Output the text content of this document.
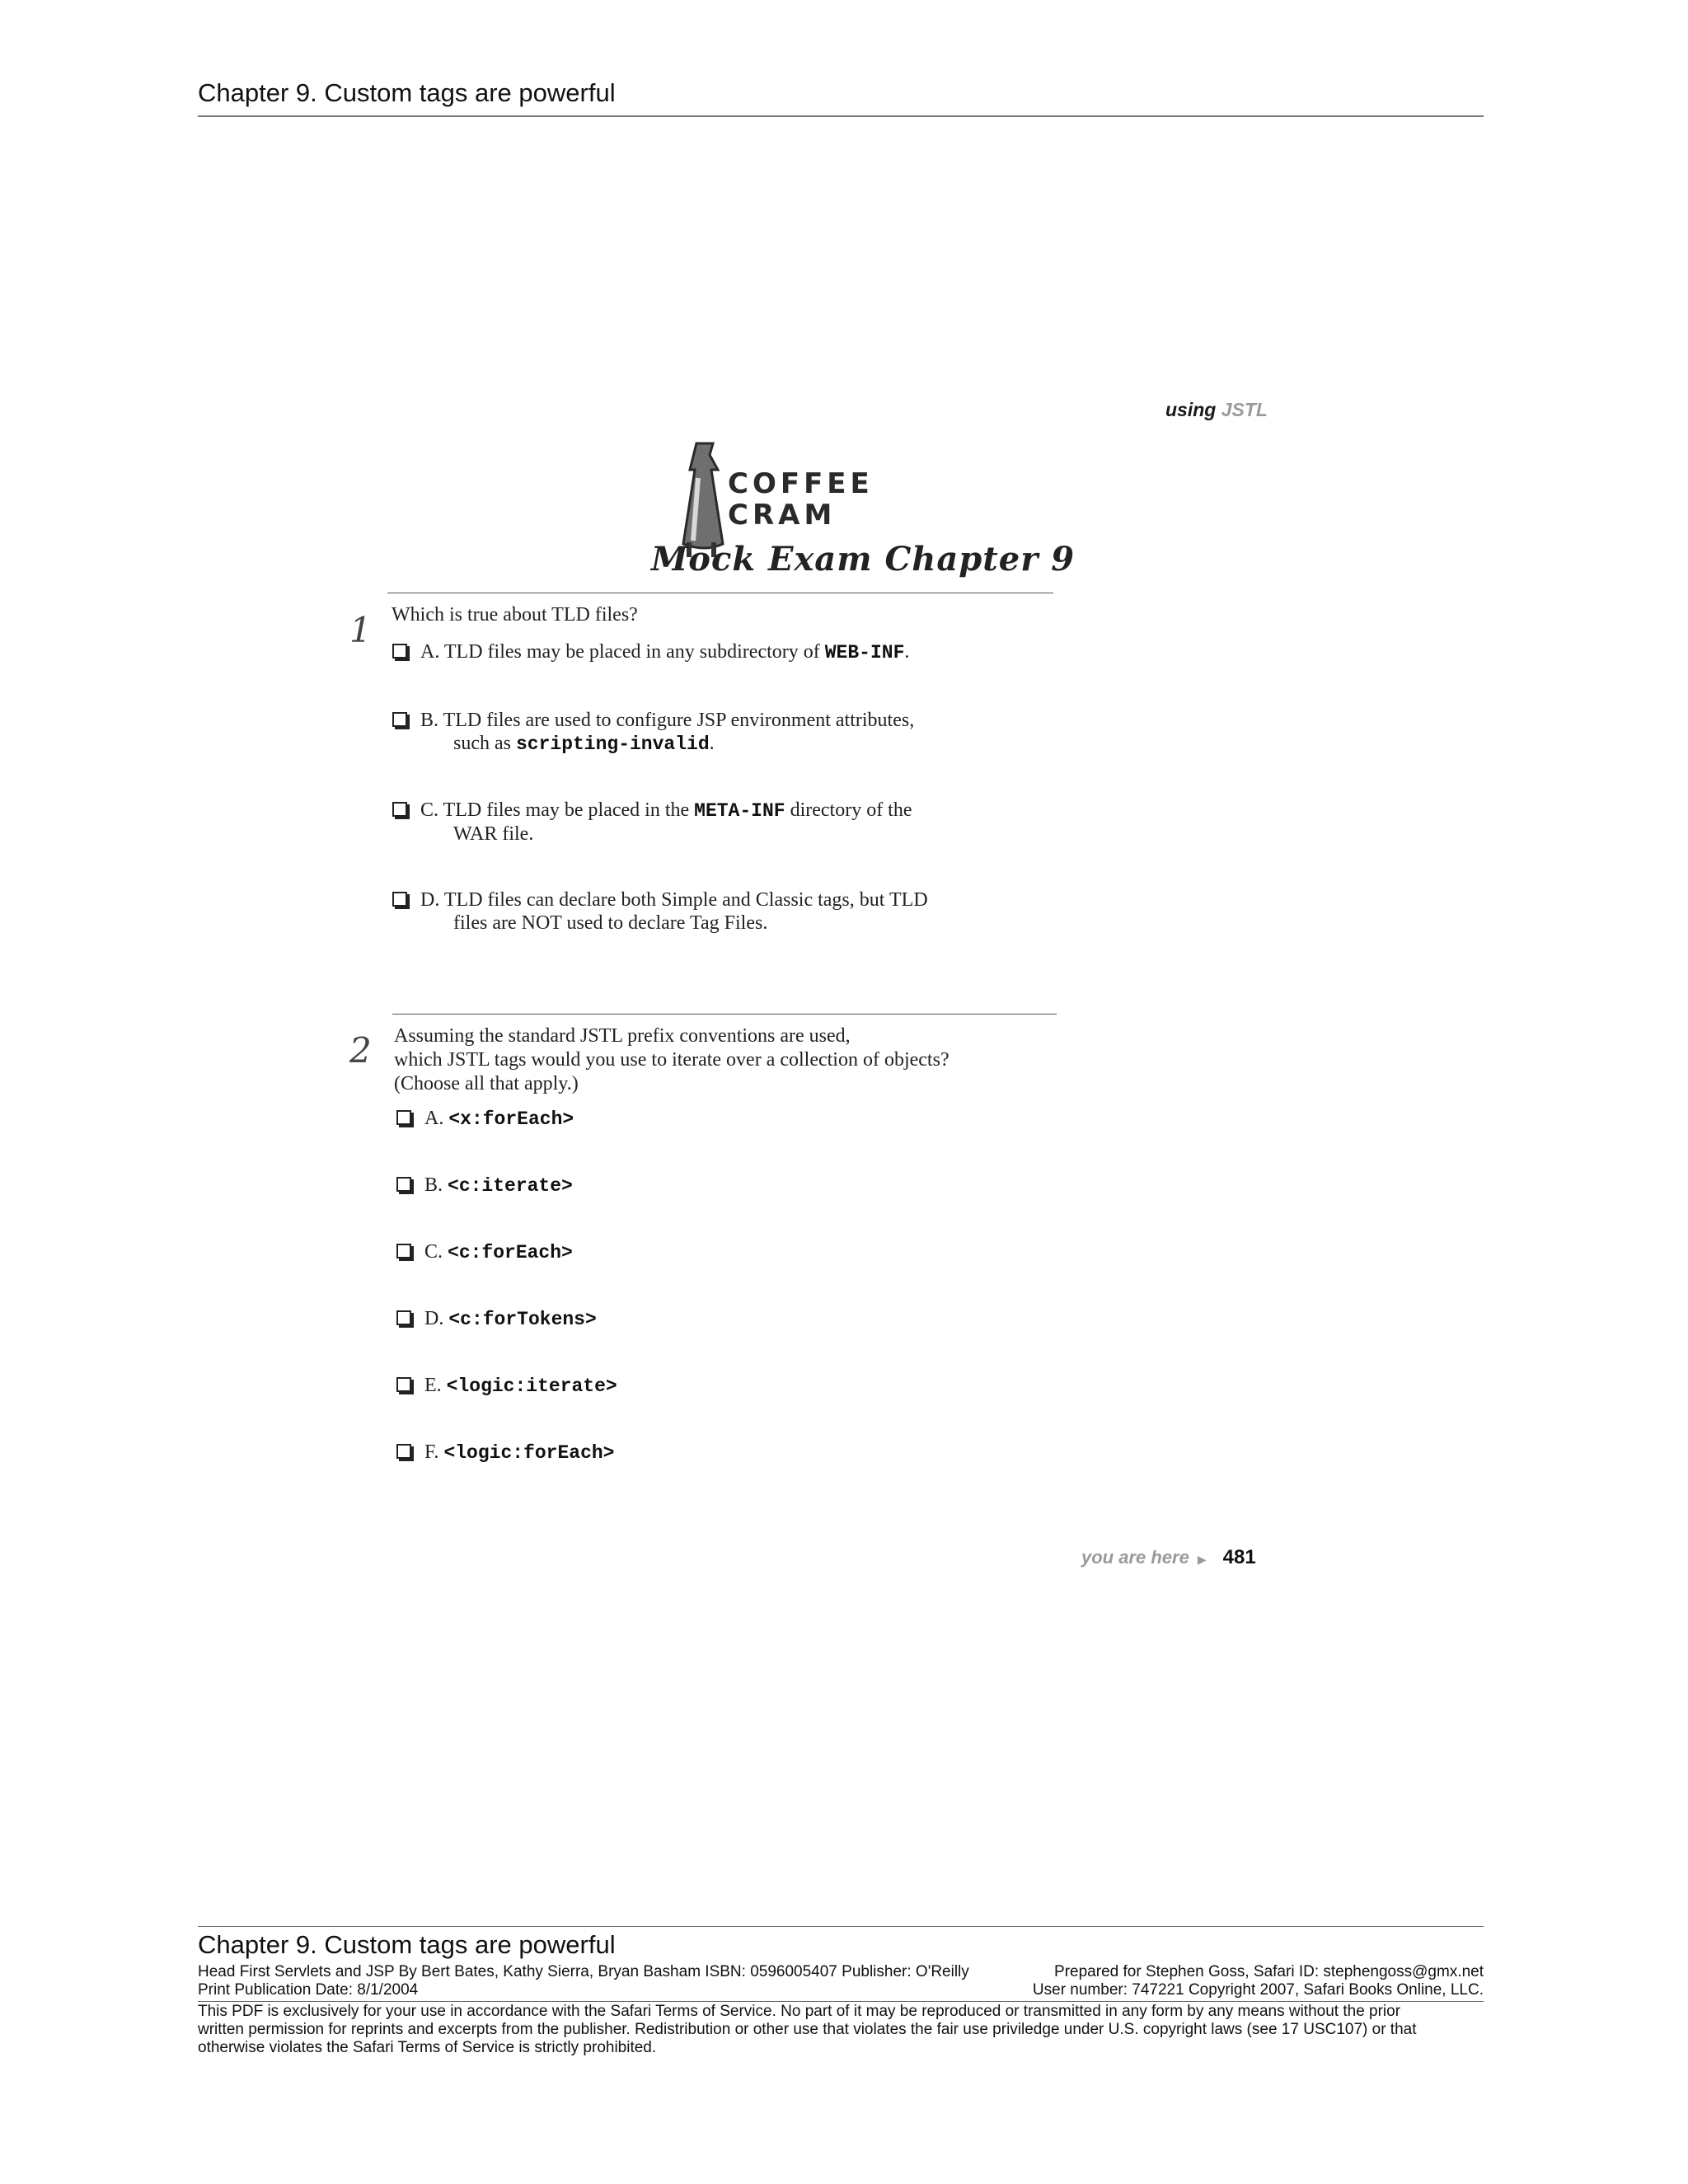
Chapter 9. Custom tags are powerful
using JSTL
COFFEE
CRAM
Mock Exam Chapter 9
1 Which is true about TLD files?
A. TLD files may be placed in any subdirectory of WEB-INF.
B. TLD files are used to configure JSP environment attributes,
such as scripting-invalid.
C. TLD files may be placed in the META-INF directory of the
WAR file.
D. TLD files can declare both Simple and Classic tags, but TLD
files are NOT used to declare Tag Files.
2 Assuming the standard JSTL prefix conventions are used,
which JSTL tags would you use to iterate over a collection of objects?
(Choose all that apply.)
A. <x:forEach>
B. <c:iterate>
C. <c:forEach>
D. <c:forTokens>
E. <logic:iterate>
F. <logic:forEach>
you are here ▶ 481
Chapter 9. Custom tags are powerful
Head First Servlets and JSP By Bert Bates, Kathy Sierra, Bryan Basham ISBN: 0596005407 Publisher: O'Reilly	Prepared for Stephen Goss, Safari ID: stephengoss@gmx.net
Print Publication Date: 8/1/2004	User number: 747221 Copyright 2007, Safari Books Online, LLC.
This PDF is exclusively for your use in accordance with the Safari Terms of Service. No part of it may be reproduced or transmitted in any form by any means without the prior
written permission for reprints and excerpts from the publisher. Redistribution or other use that violates the fair use priviledge under U.S. copyright laws (see 17 USC107) or that
otherwise violates the Safari Terms of Service is strictly prohibited.
